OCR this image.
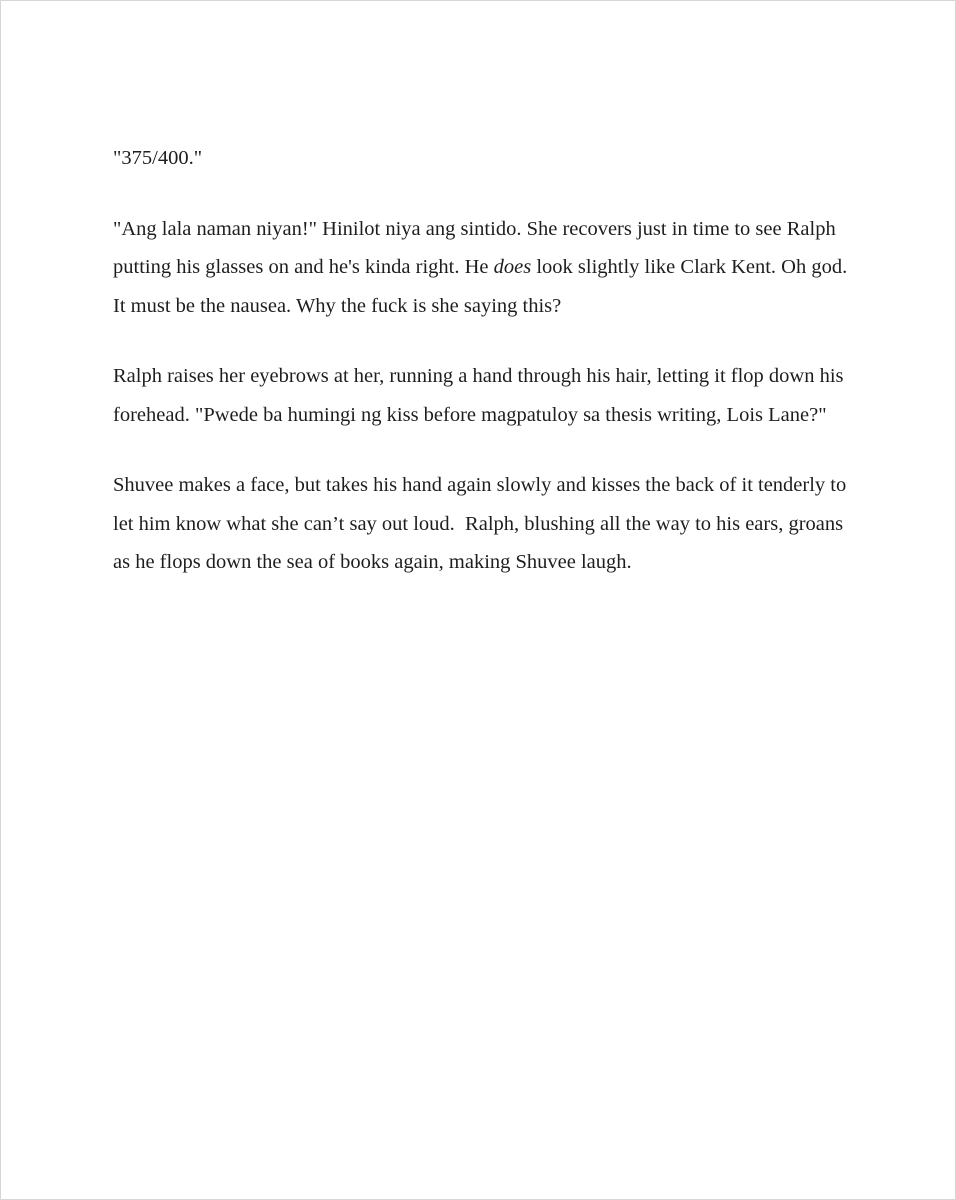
"375/400."

"Ang lala naman niyan!" Hinilot niya ang sintido. She recovers just in time to see Ralph putting his glasses on and he's kinda right. He does look slightly like Clark Kent. Oh god. It must be the nausea. Why the fuck is she saying this?

Ralph raises her eyebrows at her, running a hand through his hair, letting it flop down his forehead. "Pwede ba humingi ng kiss before magpatuloy sa thesis writing, Lois Lane?"

Shuvee makes a face, but takes his hand again slowly and kisses the back of it tenderly to let him know what she can’t say out loud.  Ralph, blushing all the way to his ears, groans as he flops down the sea of books again, making Shuvee laugh.
